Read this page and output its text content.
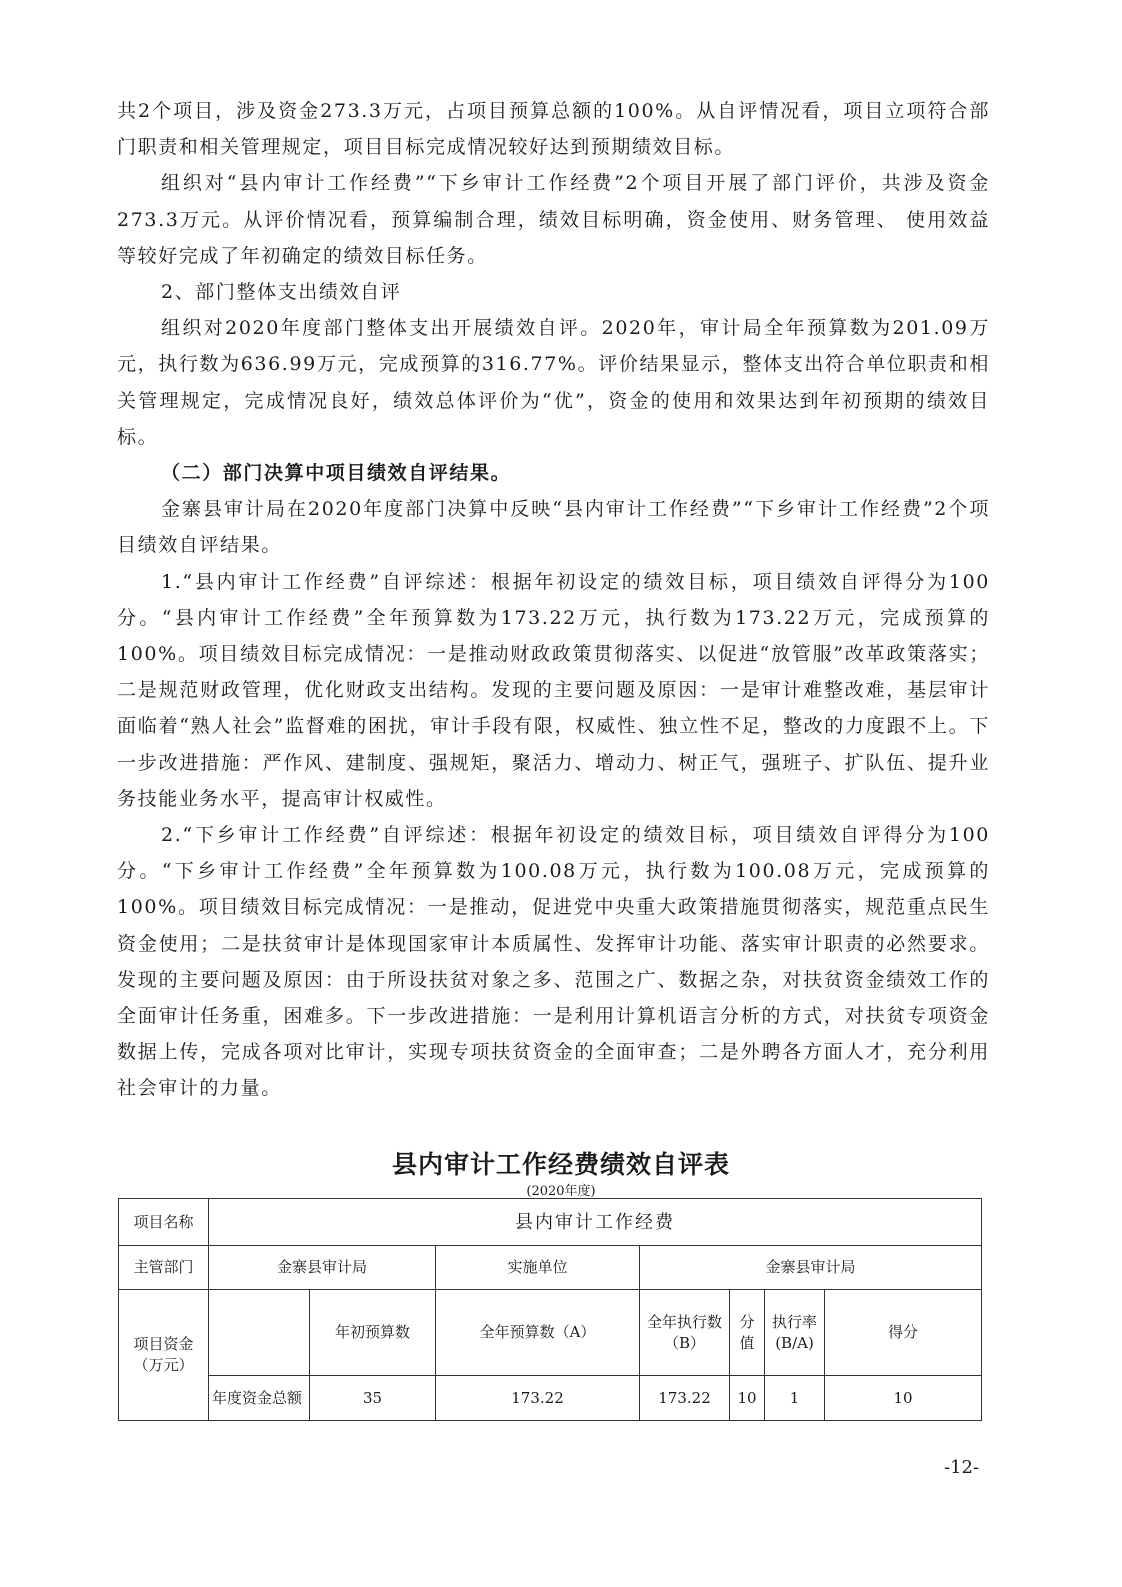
共2个项目，涉及资金273.3万元，占项目预算总额的100%。从自评情况看，项目立项符合部门职责和相关管理规定，项目目标完成情况较好达到预期绩效目标。

组织对“县内审计工作经费”“下乡审计工作经费”2个项目开展了部门评价，共涉及资金273.3万元。从评价情况看，预算编制合理，绩效目标明确，资金使用、财务管理、 使用效益等较好完成了年初确定的绩效目标任务。

2、部门整体支出绩效自评

组织对2020年度部门整体支出开展绩效自评。2020年，审计局全年预算数为201.09万元，执行数为636.99万元，完成预算的316.77%。评价结果显示，整体支出符合单位职责和相关管理规定，完成情况良好，绩效总体评价为“优”，资金的使用和效果达到年初预期的绩效目标。

（二）部门决算中项目绩效自评结果。

金寨县审计局在2020年度部门决算中反映“县内审计工作经费”“下乡审计工作经费”2个项目绩效自评结果。

1.“县内审计工作经费”自评综述：根据年初设定的绩效目标，项目绩效自评得分为100分。“县内审计工作经费”全年预算数为173.22万元，执行数为173.22万元，完成预算的100%。项目绩效目标完成情况：一是推动财政政策贯彻落实、以促进“放管服”改革政策落实；二是规范财政管理，优化财政支出结构。发现的主要问题及原因：一是审计难整改难，基层审计面临着“熟人社会”监督难的困扰，审计手段有限，权威性、独立性不足，整改的力度跟不上。下一步改进措施：严作风、建制度、强规矩，聚活力、增动力、树正气，强班子、扩队伍、提升业务技能业务水平，提高审计权威性。

2.“下乡审计工作经费”自评综述：根据年初设定的绩效目标，项目绩效自评得分为100分。“下乡审计工作经费”全年预算数为100.08万元，执行数为100.08万元，完成预算的100%。项目绩效目标完成情况：一是推动，促进党中央重大政策措施贯彻落实，规范重点民生资金使用；二是扶贫审计是体现国家审计本质属性、发挥审计功能、落实审计职责的必然要求。发现的主要问题及原因：由于所设扶贫对象之多、范围之广、数据之杂，对扶贫资金绩效工作的全面审计任务重，困难多。下一步改进措施：一是利用计算机语言分析的方式，对扶贫专项资金数据上传，完成各项对比审计，实现专项扶贫资金的全面审查；二是外聘各方面人才，充分利用社会审计的力量。

县内审计工作经费绩效自评表
(2020年度)
项目名称	县内审计工作经费						
主管部门	金寨县审计局		实施单位	金寨县审计局			
项目资金（万元）		年初预算数	全年预算数（A）	全年执行数（B）	分值	执行率(B/A)	得分
	年度资金总额	35	173.22	173.22	10	1	10
-12-
